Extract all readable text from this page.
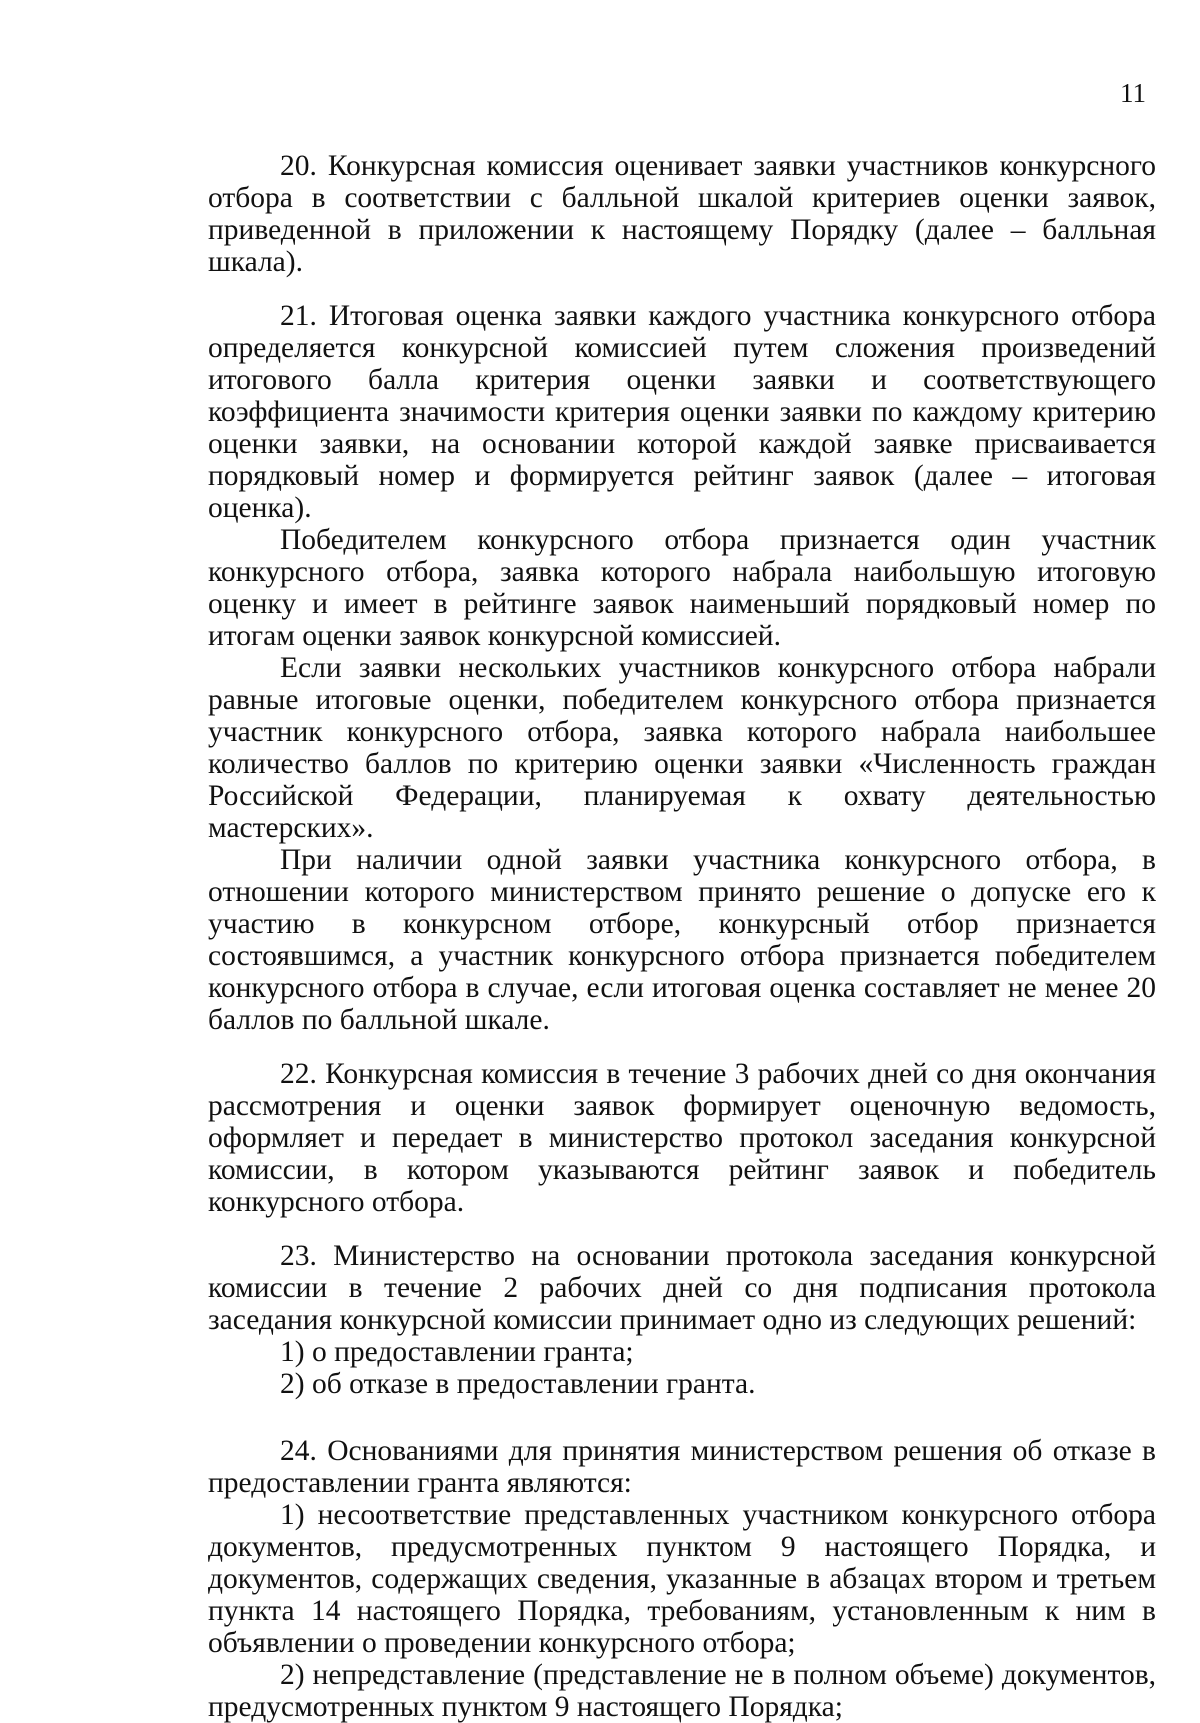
11

20. Конкурсная комиссия оценивает заявки участников конкурсного отбора в соответствии с балльной шкалой критериев оценки заявок, приведенной в приложении к настоящему Порядку (далее – балльная шкала).

21. Итоговая оценка заявки каждого участника конкурсного отбора определяется конкурсной комиссией путем сложения произведений итогового балла критерия оценки заявки и соответствующего коэффициента значимости критерия оценки заявки по каждому критерию оценки заявки, на основании которой каждой заявке присваивается порядковый номер и формируется рейтинг заявок (далее – итоговая оценка).

Победителем конкурсного отбора признается один участник конкурсного отбора, заявка которого набрала наибольшую итоговую оценку и имеет в рейтинге заявок наименьший порядковый номер по итогам оценки заявок конкурсной комиссией.

Если заявки нескольких участников конкурсного отбора набрали равные итоговые оценки, победителем конкурсного отбора признается участник конкурсного отбора, заявка которого набрала наибольшее количество баллов по критерию оценки заявки «Численность граждан Российской Федерации, планируемая к охвату деятельностью мастерских».

При наличии одной заявки участника конкурсного отбора, в отношении которого министерством принято решение о допуске его к участию в конкурсном отборе, конкурсный отбор признается состоявшимся, а участник конкурсного отбора признается победителем конкурсного отбора в случае, если итоговая оценка составляет не менее 20 баллов по балльной шкале.

22. Конкурсная комиссия в течение 3 рабочих дней со дня окончания рассмотрения и оценки заявок формирует оценочную ведомость, оформляет и передает в министерство протокол заседания конкурсной комиссии, в котором указываются рейтинг заявок и победитель конкурсного отбора.

23. Министерство на основании протокола заседания конкурсной комиссии в течение 2 рабочих дней со дня подписания протокола заседания конкурсной комиссии принимает одно из следующих решений:

1) о предоставлении гранта;

2) об отказе в предоставлении гранта.

24. Основаниями для принятия министерством решения об отказе в предоставлении гранта являются:

1) несоответствие представленных участником конкурсного отбора документов, предусмотренных пунктом 9 настоящего Порядка, и документов, содержащих сведения, указанные в абзацах втором и третьем пункта 14 настоящего Порядка, требованиям, установленным к ним в объявлении о проведении конкурсного отбора;

2) непредставление (представление не в полном объеме) документов, предусмотренных пунктом 9 настоящего Порядка;
